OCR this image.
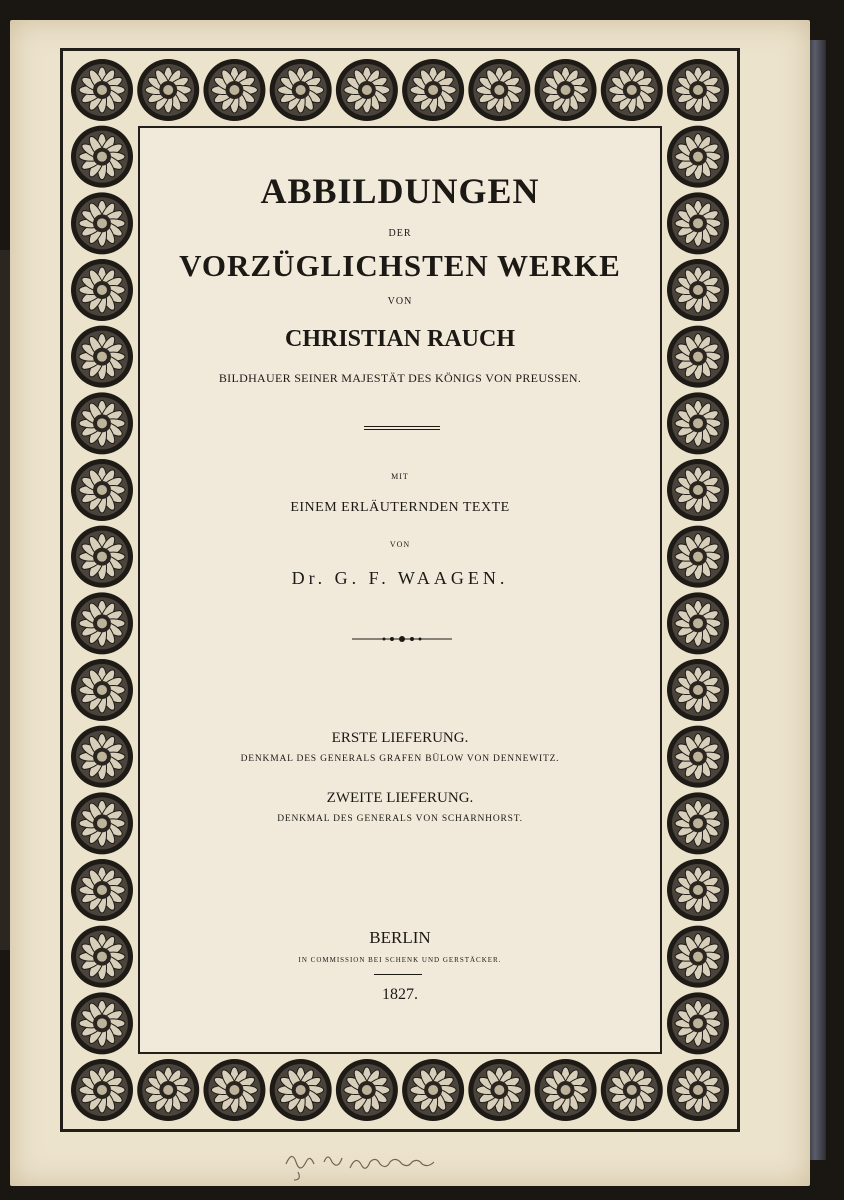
ABBILDUNGEN
DER
VORZÜGLICHSTEN WERKE
VON
CHRISTIAN RAUCH
BILDHAUER SEINER MAJESTÄT DES KÖNIGS VON PREUSSEN.
MIT
EINEM ERLÄUTERNDEN TEXTE
VON
Dr. G. F. WAAGEN.
ERSTE LIEFERUNG.
DENKMAL DES GENERALS GRAFEN BÜLOW VON DENNEWITZ.
ZWEITE LIEFERUNG.
DENKMAL DES GENERALS VON SCHARNHORST.
BERLIN
IN COMMISSION BEI SCHENK UND GERSTÄCKER.
1827.
